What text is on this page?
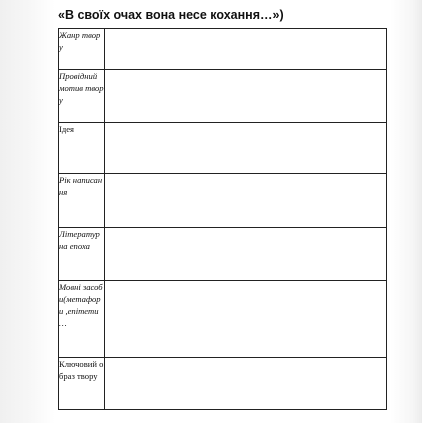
«В своїх очах вона несе кохання…»)
Жанр твору	
Провідний мотив твору	
Ідея	
Рік написання	
Літературна епоха	
Мовні засоби(метафори ,епітети …	
Ключовий образ твору	
